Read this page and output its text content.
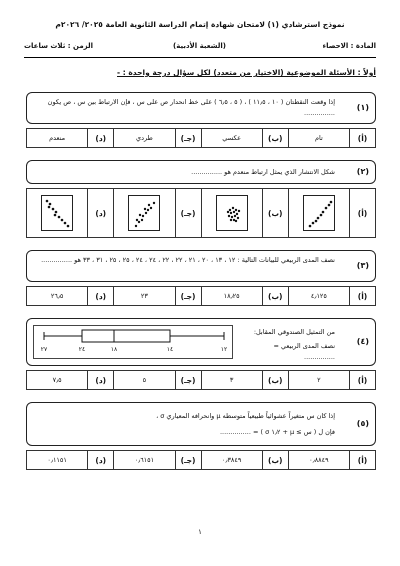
نموذج استرشادي (١) لامتحان شهادة إتمام الدراسة الثانوية العامة ٢٠٢٥/ ٢٠٢٦م
المادة : الاحصاء
(الشعبة الأدبية)
الزمن : ثلاث ساعات
أولاً : الأسئلة الموضوعية (الاختيار من متعدد) لكل سؤال درجة واحدة : -
(١)
إذا وقعت النقطتان ( ١٠ ، ١١٫٥ ) ، ( ٥ ، ٦٫٥ ) على خط انحدار ص على س ، فإن الارتباط بين س ، ص يكون ...............
(أ)
تام
(ب)
عكسي
(جـ)
طردي
(د)
منعدم
(٢)
شكل الانتشار الذي يمثل ارتباط منعدم هو ...............
(أ)
(ب)
(جـ)
(د)
(٣)
نصف المدى الربيعي للبيانات التالية : ١٢ ، ١٣ ، ٢٠ ، ٢١ ، ٢٢ ، ٢٢ ، ٢٤ ، ٢٤ ، ٢٥ ، ٢٥ ، ٣١ ، ٣٣ هو ...............
(أ)
٤٫١٢٥
(ب)
١٨٫٢٥
(جـ)
٢٣
(د)
٢٦٫٥
(٤)
من التمثيل الصندوقي المقابل:
نصف المدى الربيعي = ...............
١٢
١٤
١٨
٢٤
٢٧
(أ)
٢
(ب)
٣
(جـ)
٥
(د)
٧٫٥
(٥)
إذا كان س متغيراً عشوائياً طبيعياً متوسطه μ وانحرافه المعياري σ ،
فإن ل ( س ≥ μ + ١٫٢ σ ) = ...............
(أ)
٠٫٨٨٤٩
(ب)
٠٫٣٨٤٩
(جـ)
٠٫٦١٥١
(د)
٠٫١١٥١
١
